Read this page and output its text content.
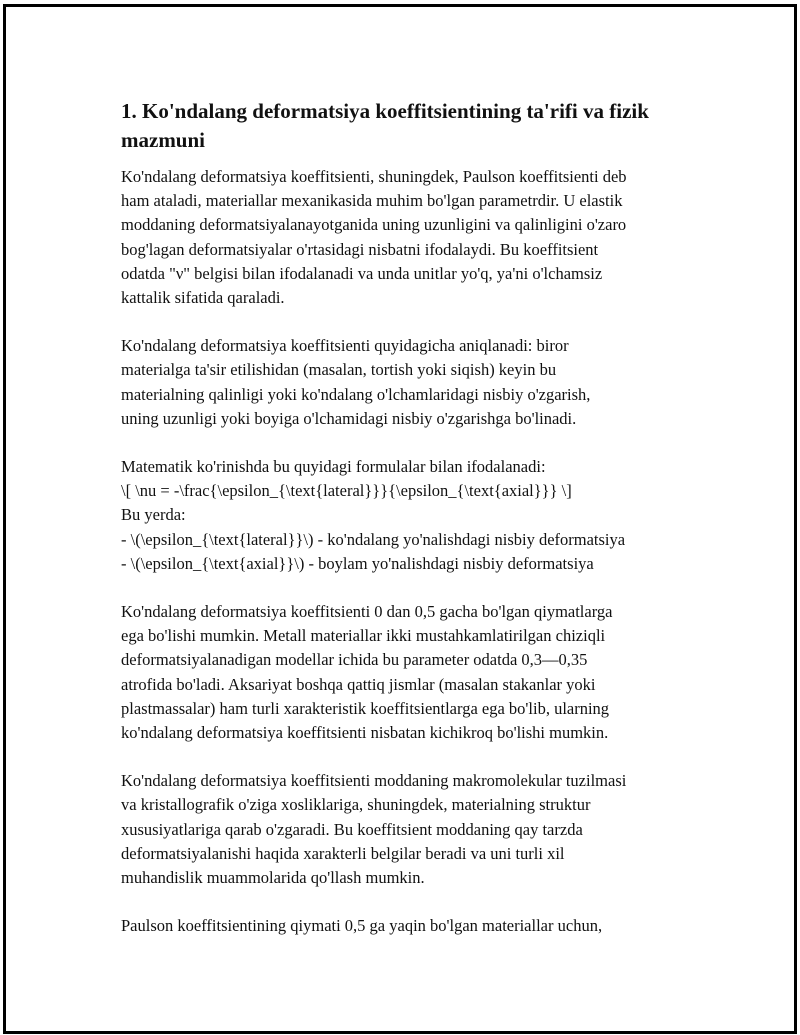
1. Ko'ndalang deformatsiya koeffitsientining ta'rifi va fizik
mazmuni

Ko'ndalang deformatsiya koeffitsienti, shuningdek, Paulson koeffitsienti deb
ham ataladi, materiallar mexanikasida muhim bo'lgan parametrdir. U elastik
moddaning deformatsiyalanayotganida uning uzunligini va qalinligini o'zaro
bog'lagan deformatsiyalar o'rtasidagi nisbatni ifodalaydi. Bu koeffitsient
odatda "ν" belgisi bilan ifodalanadi va unda unitlar yo'q, ya'ni o'lchamsiz
kattalik sifatida qaraladi.

Ko'ndalang deformatsiya koeffitsienti quyidagicha aniqlanadi: biror
materialga ta'sir etilishidan (masalan, tortish yoki siqish) keyin bu
materialning qalinligi yoki ko'ndalang o'lchamlaridagi nisbiy o'zgarish,
uning uzunligi yoki boyiga o'lchamidagi nisbiy o'zgarishga bo'linadi.

Matematik ko'rinishda bu quyidagi formulalar bilan ifodalanadi:
\[ \nu = -\frac{\epsilon_{\text{lateral}}}{\epsilon_{\text{axial}}} \]
Bu yerda:
- \(\epsilon_{\text{lateral}}\) - ko'ndalang yo'nalishdagi nisbiy deformatsiya
- \(\epsilon_{\text{axial}}\) - boylam yo'nalishdagi nisbiy deformatsiya

Ko'ndalang deformatsiya koeffitsienti 0 dan 0,5 gacha bo'lgan qiymatlarga
ega bo'lishi mumkin. Metall materiallar ikki mustahkamlatirilgan chiziqli
deformatsiyalanadigan modellar ichida bu parameter odatda 0,3—0,35
atrofida bo'ladi. Aksariyat boshqa qattiq jismlar (masalan stakanlar yoki
plastmassalar) ham turli xarakteristik koeffitsientlarga ega bo'lib, ularning
ko'ndalang deformatsiya koeffitsienti nisbatan kichikroq bo'lishi mumkin.

Ko'ndalang deformatsiya koeffitsienti moddaning makromolekular tuzilmasi
va kristallografik o'ziga xosliklariga, shuningdek, materialning struktur
xususiyatlariga qarab o'zgaradi. Bu koeffitsient moddaning qay tarzda
deformatsiyalanishi haqida xarakterli belgilar beradi va uni turli xil
muhandislik muammolarida qo'llash mumkin.

Paulson koeffitsientining qiymati 0,5 ga yaqin bo'lgan materiallar uchun,
